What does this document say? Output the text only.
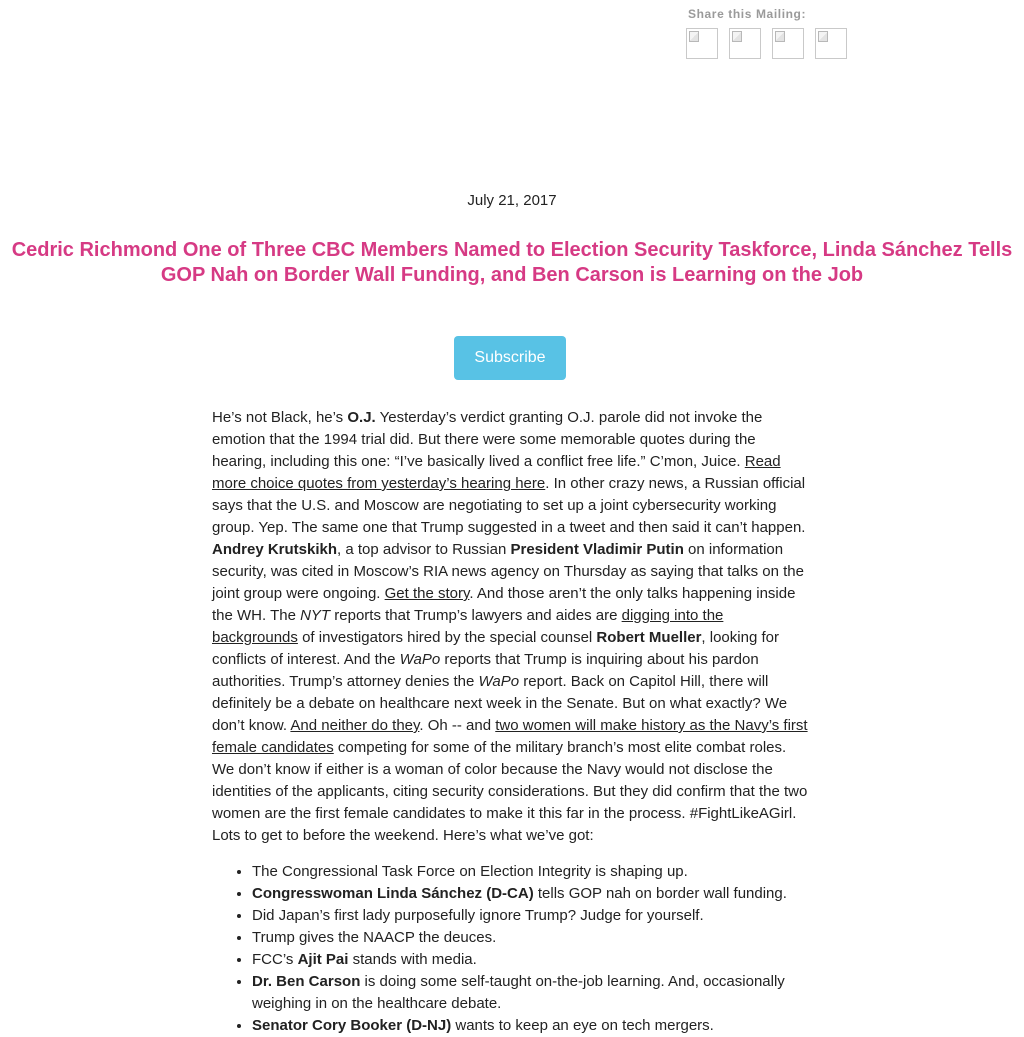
Share this Mailing:
July 21, 2017
Cedric Richmond One of Three CBC Members Named to Election Security Taskforce, Linda Sánchez Tells GOP Nah on Border Wall Funding, and Ben Carson is Learning on the Job
Subscribe

He’s not Black, he’s O.J. Yesterday’s verdict granting O.J. parole did not invoke the emotion that the 1994 trial did. But there were some memorable quotes during the hearing, including this one: “I’ve basically lived a conflict free life.” C’mon, Juice. Read more choice quotes from yesterday’s hearing here. In other crazy news, a Russian official says that the U.S. and Moscow are negotiating to set up a joint cybersecurity working group. Yep. The same one that Trump suggested in a tweet and then said it can’t happen. Andrey Krutskikh, a top advisor to Russian President Vladimir Putin on information security, was cited in Moscow’s RIA news agency on Thursday as saying that talks on the joint group were ongoing. Get the story. And those aren’t the only talks happening inside the WH. The NYT reports that Trump’s lawyers and aides are digging into the backgrounds of investigators hired by the special counsel Robert Mueller, looking for conflicts of interest. And the WaPo reports that Trump is inquiring about his pardon authorities. Trump’s attorney denies the WaPo report. Back on Capitol Hill, there will definitely be a debate on healthcare next week in the Senate. But on what exactly? We don’t know. And neither do they. Oh -- and two women will make history as the Navy’s first female candidates competing for some of the military branch’s most elite combat roles. We don’t know if either is a woman of color because the Navy would not disclose the identities of the applicants, citing security considerations. But they did confirm that the two women are the first female candidates to make it this far in the process. #FightLikeAGirl. Lots to get to before the weekend. Here’s what we’ve got:

• The Congressional Task Force on Election Integrity is shaping up.
• Congresswoman Linda Sánchez (D-CA) tells GOP nah on border wall funding.
• Did Japan’s first lady purposefully ignore Trump? Judge for yourself.
• Trump gives the NAACP the deuces.
• FCC’s Ajit Pai stands with media.
• Dr. Ben Carson is doing some self-taught on-the-job learning. And, occasionally weighing in on the healthcare debate.
• Senator Cory Booker (D-NJ) wants to keep an eye on tech mergers.
